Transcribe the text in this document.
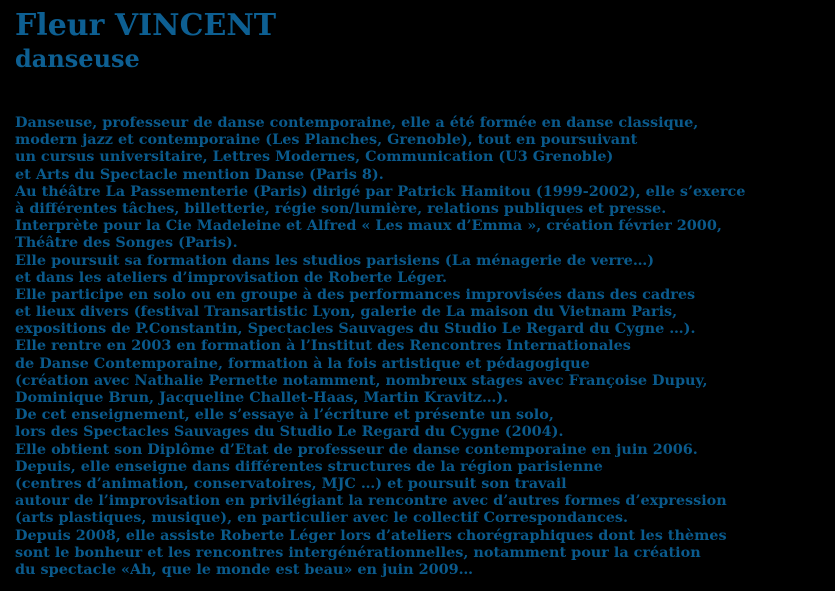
Fleur VINCENT
danseuse
Danseuse, professeur de danse contemporaine, elle a été formée en danse classique,
modern jazz et contemporaine (Les Planches, Grenoble), tout en poursuivant
un cursus universitaire, Lettres Modernes, Communication (U3 Grenoble)
et Arts du Spectacle mention Danse (Paris 8).
Au théâtre La Passementerie (Paris) dirigé par Patrick Hamitou (1999-2002), elle s’exerce
à différentes tâches, billetterie, régie son/lumière, relations publiques et presse.
Interprète pour la Cie Madeleine et Alfred « Les maux d’Emma », création février 2000,
Théâtre des Songes (Paris).
Elle poursuit sa formation dans les studios parisiens (La ménagerie de verre…)
et dans les ateliers d’improvisation de Roberte Léger.
Elle participe en solo ou en groupe à des performances improvisées dans des cadres
et lieux divers (festival Transartistic Lyon, galerie de La maison du Vietnam Paris,
expositions de P.Constantin, Spectacles Sauvages du Studio Le Regard du Cygne …).
Elle rentre en 2003 en formation à l’Institut des Rencontres Internationales
de Danse Contemporaine, formation à la fois artistique et pédagogique
(création avec Nathalie Pernette notamment, nombreux stages avec Françoise Dupuy,
Dominique Brun, Jacqueline Challet-Haas, Martin Kravitz…).
De cet enseignement, elle s’essaye à l’écriture et présente un solo,
lors des Spectacles Sauvages du Studio Le Regard du Cygne (2004).
Elle obtient son Diplôme d’Etat de professeur de danse contemporaine en juin 2006.
Depuis, elle enseigne dans différentes structures de la région parisienne
(centres d’animation, conservatoires, MJC …) et poursuit son travail
autour de l’improvisation en privilégiant la rencontre avec d’autres formes d’expression
(arts plastiques, musique), en particulier avec le collectif Correspondances.
Depuis 2008, elle assiste Roberte Léger lors d’ateliers chorégraphiques dont les thèmes
sont le bonheur et les rencontres intergénérationnelles, notamment pour la création
du spectacle «Ah, que le monde est beau» en juin 2009…
